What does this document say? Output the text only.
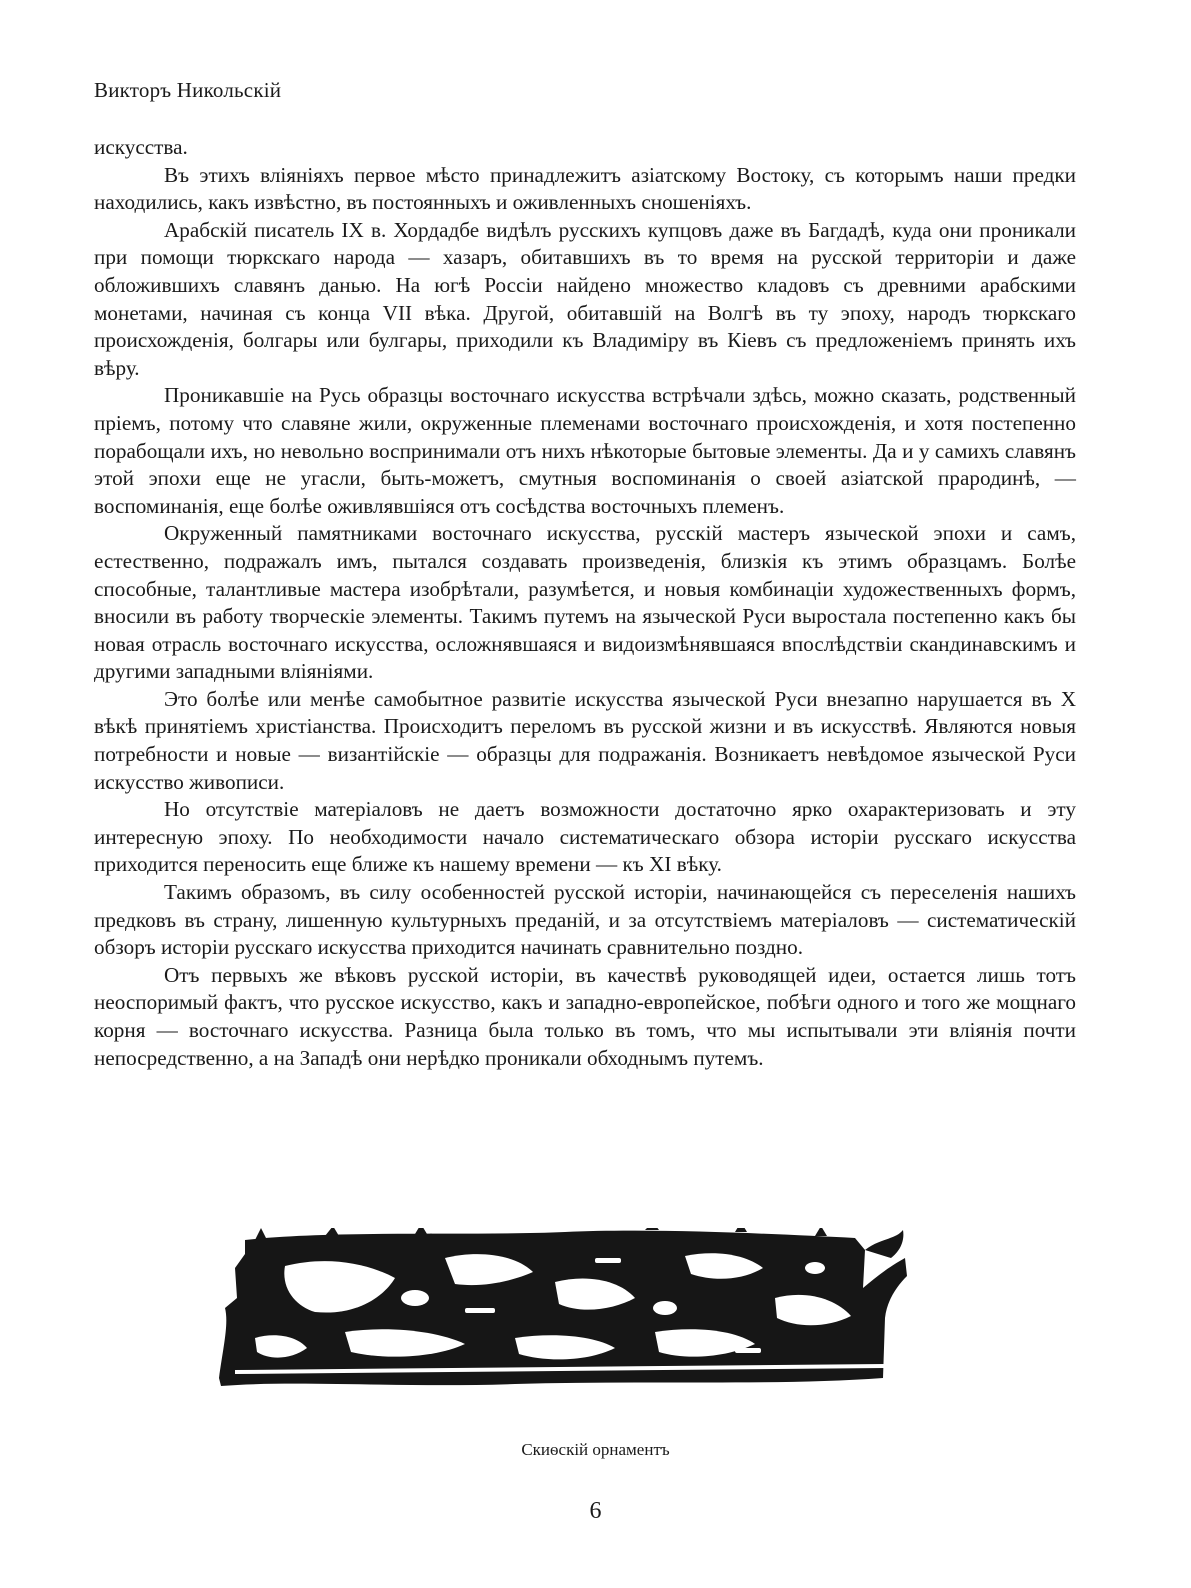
Викторъ Никольскій

искусства.

Въ этихъ вліяніяхъ первое мѣсто принадлежитъ азіатскому Востоку, съ которымъ наши предки находились, какъ извѣстно, въ постоянныхъ и оживленныхъ сношеніяхъ.

Арабскій писатель IX в. Хордадбе видѣлъ русскихъ купцовъ даже въ Багдадѣ, куда они проникали при помощи тюркскаго народа — хазаръ, обитавшихъ въ то время на русской территоріи и даже обложившихъ славянъ данью. На югѣ Россіи найдено множество кладовъ съ древними арабскими монетами, начиная съ конца VII вѣка. Другой, обитавшій на Волгѣ въ ту эпоху, народъ тюркскаго происхожденія, болгары или булгары, приходили къ Владиміру въ Кіевъ съ предложеніемъ принять ихъ вѣру.

Проникавшіе на Русь образцы восточнаго искусства встрѣчали здѣсь, можно сказать, родственный пріемъ, потому что славяне жили, окруженные племенами восточнаго происхожденія, и хотя постепенно порабощали ихъ, но невольно воспринимали отъ нихъ нѣкоторые бытовые элементы. Да и у самихъ славянъ этой эпохи еще не угасли, быть-можетъ, смутныя воспоминанія о своей азіатской прародинѣ, — воспоминанія, еще болѣе оживлявшіяся отъ сосѣдства восточныхъ племенъ.

Окруженный памятниками восточнаго искусства, русскій мастеръ языческой эпохи и самъ, естественно, подражалъ имъ, пытался создавать произведенія, близкія къ этимъ образцамъ. Болѣе способные, талантливые мастера изобрѣтали, разумѣется, и новыя комбинаціи художественныхъ формъ, вносили въ работу творческіе элементы. Такимъ путемъ на языческой Руси выростала постепенно какъ бы новая отрасль восточнаго искусства, осложнявшаяся и видоизмѣнявшаяся впослѣдствіи скандинавскимъ и другими западными вліяніями.

Это болѣе или менѣе самобытное развитіе искусства языческой Руси внезапно нарушается въ X вѣкѣ принятіемъ христіанства. Происходитъ переломъ въ русской жизни и въ искусствѣ. Являются новыя потребности и новые — византійскіе — образцы для подражанія. Возникаетъ невѣдомое языческой Руси искусство живописи.

Но отсутствіе матеріаловъ не даетъ возможности достаточно ярко охарактеризовать и эту интересную эпоху. По необходимости начало систематическаго обзора исторіи русскаго искусства приходится переносить еще ближе къ нашему времени — къ XI вѣку.

Такимъ образомъ, въ силу особенностей русской исторіи, начинающейся съ переселенія нашихъ предковъ въ страну, лишенную культурныхъ преданій, и за отсутствіемъ матеріаловъ — систематическій обзоръ исторіи русскаго искусства приходится начинать сравнительно поздно.

Отъ первыхъ же вѣковъ русской исторіи, въ качествѣ руководящей идеи, остается лишь тотъ неоспоримый фактъ, что русское искусство, какъ и западно-европейское, побѣги одного и того же мощнаго корня — восточнаго искусства. Разница была только въ томъ, что мы испытывали эти вліянія почти непосредственно, а на Западѣ они нерѣдко проникали обходнымъ путемъ.

Скиѳскій орнаментъ
6
